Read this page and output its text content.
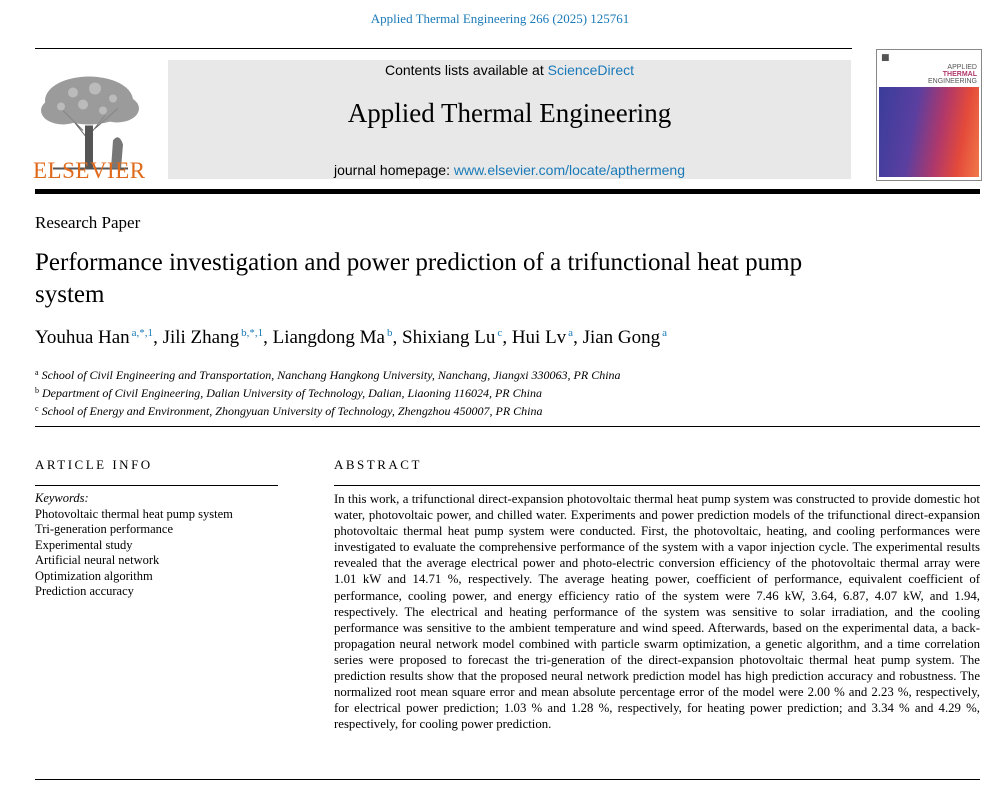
Applied Thermal Engineering 266 (2025) 125761
ELSEVIER
Contents lists available at ScienceDirect
Applied Thermal Engineering
journal homepage: www.elsevier.com/locate/apthermeng
■
APPLIED
THERMAL
ENGINEERING
Research Paper
Performance investigation and power prediction of a trifunctional heat pump system
Youhua Han $^{a,*,1}$, Jili Zhang $^{b,*,1}$, Liangdong Ma $^b$, Shixiang Lu $^c$, Hui Lv $^a$, Jian Gong $^a$
$^a$ School of Civil Engineering and Transportation, Nanchang Hangkong University, Nanchang, Jiangxi 330063, PR China
$^b$ Department of Civil Engineering, Dalian University of Technology, Dalian, Liaoning 116024, PR China
$^c$ School of Energy and Environment, Zhongyuan University of Technology, Zhengzhou 450007, PR China
ARTICLE INFO	ABSTRACT
Keywords:
Photovoltaic thermal heat pump system
Tri-generation performance
Experimental study
Artificial neural network
Optimization algorithm
Prediction accuracy
In this work, a trifunctional direct-expansion photovoltaic thermal heat pump system was constructed to provide domestic hot water, photovoltaic power, and chilled water. Experiments and power prediction models of the trifunctional direct-expansion photovoltaic thermal heat pump system were conducted. First, the photovoltaic, heating, and cooling performances were investigated to evaluate the comprehensive performance of the system with a vapor injection cycle. The experimental results revealed that the average electrical power and photo-electric conversion efficiency of the photovoltaic thermal array were 1.01 kW and 14.71 %, respectively. The average heating power, coefficient of performance, equivalent coefficient of performance, cooling power, and energy efficiency ratio of the system were 7.46 kW, 3.64, 6.87, 4.07 kW, and 1.94, respectively. The electrical and heating performance of the system was sensitive to solar irradiation, and the cooling performance was sensitive to the ambient temperature and wind speed. Afterwards, based on the experimental data, a back-propagation neural network model combined with particle swarm optimization, a genetic algorithm, and a time correlation series were proposed to forecast the tri-generation of the direct-expansion photovoltaic thermal heat pump system. The prediction results show that the proposed neural network prediction model has high prediction accuracy and robustness. The normalized root mean square error and mean absolute percentage error of the model were 2.00 % and 2.23 %, respectively, for electrical power prediction; 1.03 % and 1.28 %, respectively, for heating power prediction; and 3.34 % and 4.29 %, respectively, for cooling power prediction.
